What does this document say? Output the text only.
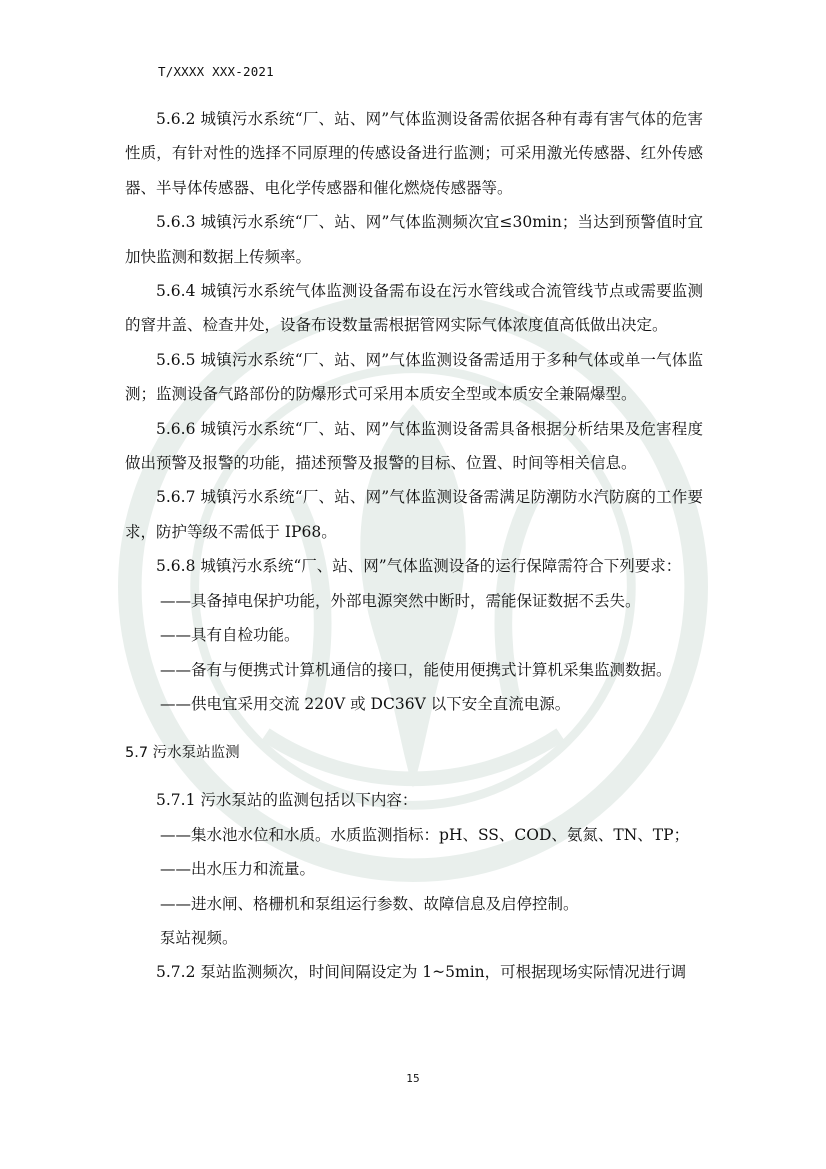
T/XXXX XXX-2021

5.6.2 城镇污水系统“厂、站、网”气体监测设备需依据各种有毒有害气体的危害性质，有针对性的选择不同原理的传感设备进行监测；可采用激光传感器、红外传感器、半导体传感器、电化学传感器和催化燃烧传感器等。

5.6.3 城镇污水系统“厂、站、网”气体监测频次宜≤30min；当达到预警值时宜加快监测和数据上传频率。

5.6.4 城镇污水系统气体监测设备需布设在污水管线或合流管线节点或需要监测的窨井盖、检查井处，设备布设数量需根据管网实际气体浓度值高低做出决定。

5.6.5 城镇污水系统“厂、站、网”气体监测设备需适用于多种气体或单一气体监测；监测设备气路部份的防爆形式可采用本质安全型或本质安全兼隔爆型。

5.6.6 城镇污水系统“厂、站、网”气体监测设备需具备根据分析结果及危害程度做出预警及报警的功能，描述预警及报警的目标、位置、时间等相关信息。

5.6.7 城镇污水系统“厂、站、网”气体监测设备需满足防潮防水汽防腐的工作要求，防护等级不需低于 IP68。

5.6.8 城镇污水系统“厂、站、网”气体监测设备的运行保障需符合下列要求：

——具备掉电保护功能，外部电源突然中断时，需能保证数据不丢失。

——具有自检功能。

——备有与便携式计算机通信的接口，能使用便携式计算机采集监测数据。

——供电宜采用交流 220V 或 DC36V 以下安全直流电源。

5.7 污水泵站监测

5.7.1 污水泵站的监测包括以下内容：

——集水池水位和水质。水质监测指标：pH、SS、COD、氨氮、TN、TP；

——出水压力和流量。

——进水闸、格栅机和泵组运行参数、故障信息及启停控制。

泵站视频。

5.7.2 泵站监测频次，时间间隔设定为 1~5min，可根据现场实际情况进行调

15
